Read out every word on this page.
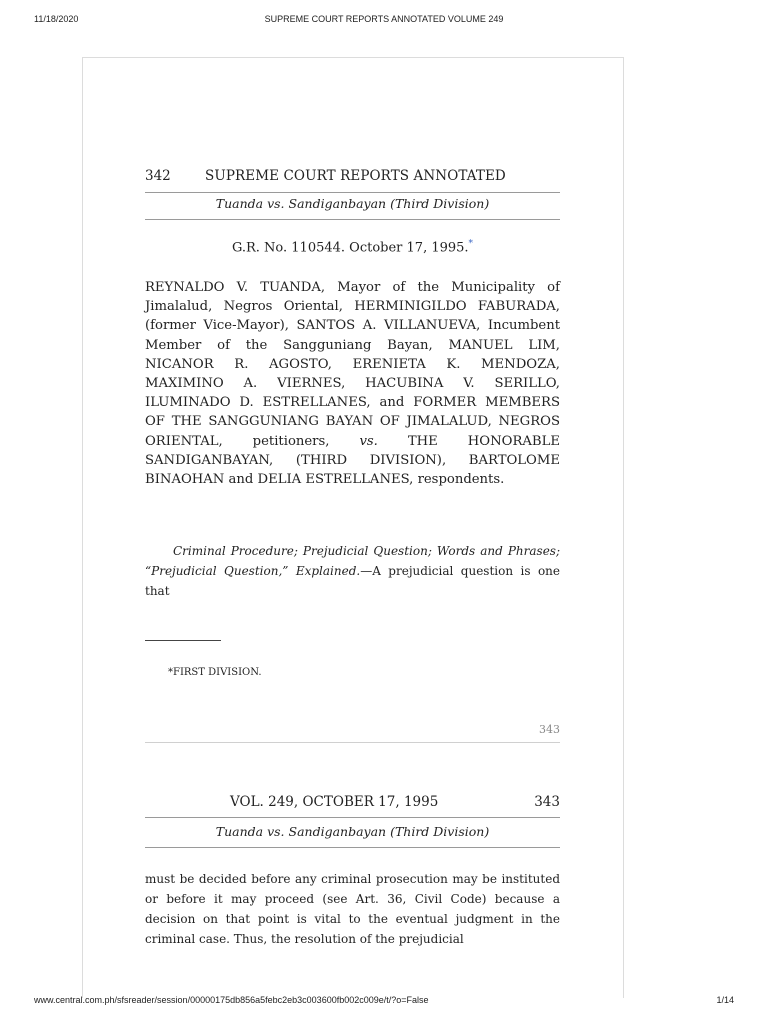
11/18/2020	SUPREME COURT REPORTS ANNOTATED VOLUME 249
342	SUPREME COURT REPORTS ANNOTATED
Tuanda vs. Sandiganbayan (Third Division)
G.R. No. 110544. October 17, 1995.*

REYNALDO V. TUANDA, Mayor of the Municipality of Jimalalud, Negros Oriental, HERMINIGILDO FABURADA, (former Vice-Mayor), SANTOS A. VILLANUEVA, Incumbent Member of the Sangguniang Bayan, MANUEL LIM, NICANOR R. AGOSTO, ERENIETA K. MENDOZA, MAXIMINO A. VIERNES, HACUBINA V. SERILLO, ILUMINADO D. ESTRELLANES, and FORMER MEMBERS OF THE SANGGUNIANG BAYAN OF JIMALALUD, NEGROS ORIENTAL, petitioners, vs. THE HONORABLE SANDIGANBAYAN, (THIRD DIVISION), BARTOLOME BINAOHAN and DELIA ESTRELLANES, respondents.

Criminal Procedure; Prejudicial Question; Words and Phrases; “Prejudicial Question,” Explained.—A prejudicial question is one that

*FIRST DIVISION.
343
VOL. 249, OCTOBER 17, 1995	343
Tuanda vs. Sandiganbayan (Third Division)

must be decided before any criminal prosecution may be instituted or before it may proceed (see Art. 36, Civil Code) because a decision on that point is vital to the eventual judgment in the criminal case. Thus, the resolution of the prejudicial

www.central.com.ph/sfsreader/session/00000175db856a5febc2eb3c003600fb002c009e/t/?o=False	1/14
